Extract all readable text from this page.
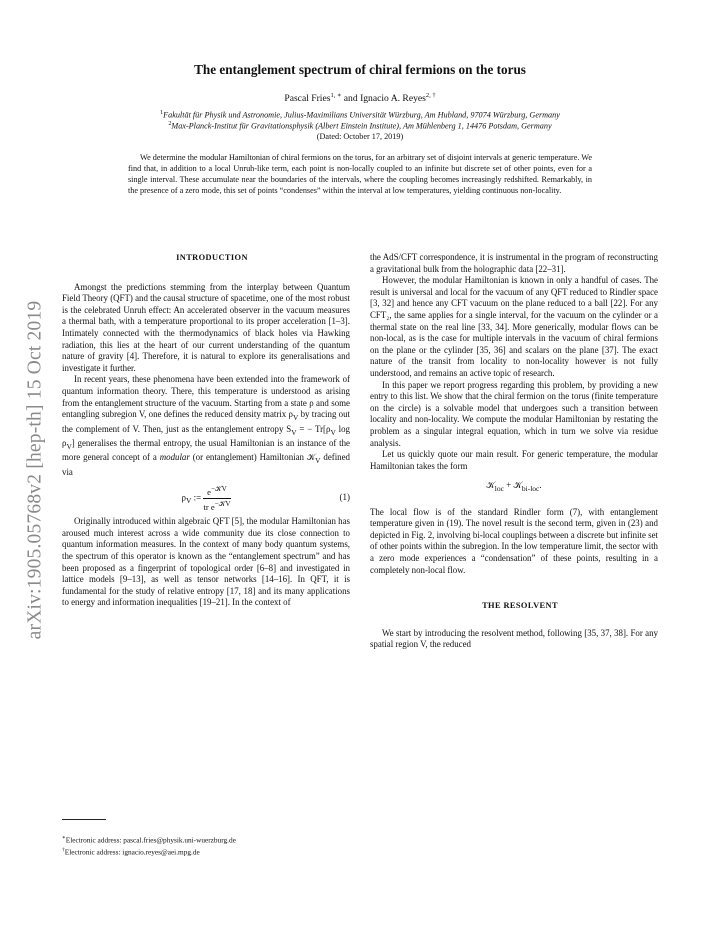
arXiv:1905.05768v2 [hep-th] 15 Oct 2019
The entanglement spectrum of chiral fermions on the torus
Pascal Fries$^{1, ∗}$ and Ignacio A. Reyes$^{2, \dagger}$
$^1$Fakultät für Physik und Astronomie, Julius-Maximilians Universität Würzburg, Am Hubland, 97074 Würzburg, Germany
$^2$Max-Planck-Institut für Gravitationsphysik (Albert Einstein Institute), Am Mühlenberg 1, 14476 Potsdam, Germany
(Dated: October 17, 2019)

We determine the modular Hamiltonian of chiral fermions on the torus, for an arbitrary set of disjoint intervals at generic temperature. We find that, in addition to a local Unruh-like term, each point is non-locally coupled to an infinite but discrete set of other points, even for a single interval. These accumulate near the boundaries of the intervals, where the coupling becomes increasingly redshifted. Remarkably, in the presence of a zero mode, this set of points “condenses” within the interval at low temperatures, yielding continuous non-locality.

INTRODUCTION

Amongst the predictions stemming from the interplay between Quantum Field Theory (QFT) and the causal structure of spacetime, one of the most robust is the celebrated Unruh effect: An accelerated observer in the vacuum measures a thermal bath, with a temperature proportional to its proper acceleration [1–3]. Intimately connected with the thermodynamics of black holes via Hawking radiation, this lies at the heart of our current understanding of the quantum nature of gravity [4]. Therefore, it is natural to explore its generalisations and investigate it further.

In recent years, these phenomena have been extended into the framework of quantum information theory. There, this temperature is understood as arising from the entanglement structure of the vacuum. Starting from a state ρ and some entangling subregion V, one defines the reduced density matrix $\rho_V$ by tracing out the complement of V. Then, just as the entanglement entropy $S_V$ = − $Tr[\rho_V$ $\log \rho_V$] generalises the thermal entropy, the usual Hamiltonian is an instance of the more general concept of a modular (or entanglement) Hamiltonian 𝒦$_V$ defined via

$\rho_V$ := $\frac{e^{-𝒦V}}{tr e^{-𝒦V}}$	(1)

Originally introduced within algebraic QFT [5], the modular Hamiltonian has aroused much interest across a wide community due its close connection to quantum information measures. In the context of many body quantum systems, the spectrum of this operator is known as the “entanglement spectrum” and has been proposed as a fingerprint of topological order [6–8] and investigated in lattice models [9–13], as well as tensor networks [14–16]. In QFT, it is fundamental for the study of relative entropy [17, 18] and its many applications to energy and information inequalities [19–21]. In the context of

the AdS/CFT correspondence, it is instrumental in the program of reconstructing a gravitational bulk from the holographic data [22–31].

However, the modular Hamiltonian is known in only a handful of cases. The result is universal and local for the vacuum of any QFT reduced to Rindler space [3, 32] and hence any CFT vacuum on the plane reduced to a ball [22]. For any CFT₂, the same applies for a single interval, for the vacuum on the cylinder or a thermal state on the real line [33, 34]. More generically, modular flows can be non-local, as is the case for multiple intervals in the vacuum of chiral fermions on the plane or the cylinder [35, 36] and scalars on the plane [37]. The exact nature of the transit from locality to non-locality however is not fully understood, and remains an active topic of research.

In this paper we report progress regarding this problem, by providing a new entry to this list. We show that the chiral fermion on the torus (finite temperature on the circle) is a solvable model that undergoes such a transition between locality and non-locality. We compute the modular Hamiltonian by restating the problem as a singular integral equation, which in turn we solve via residue analysis.

Let us quickly quote our main result. For generic temperature, the modular Hamiltonian takes the form

𝒦$_{loc}$ + 𝒦$_{bi-loc}$.

The local flow is of the standard Rindler form (7), with entanglement temperature given in (19). The novel result is the second term, given in (23) and depicted in Fig. 2, involving bi-local couplings between a discrete but infinite set of other points within the subregion. In the low temperature limit, the sector with a zero mode experiences a “condensation” of these points, resulting in a completely non-local flow.

THE RESOLVENT

We start by introducing the resolvent method, following [35, 37, 38]. For any spatial region V, the reduced

∗Electronic address: pascal.fries@physik.uni-wuerzburg.de
†Electronic address: ignacio.reyes@aei.mpg.de
